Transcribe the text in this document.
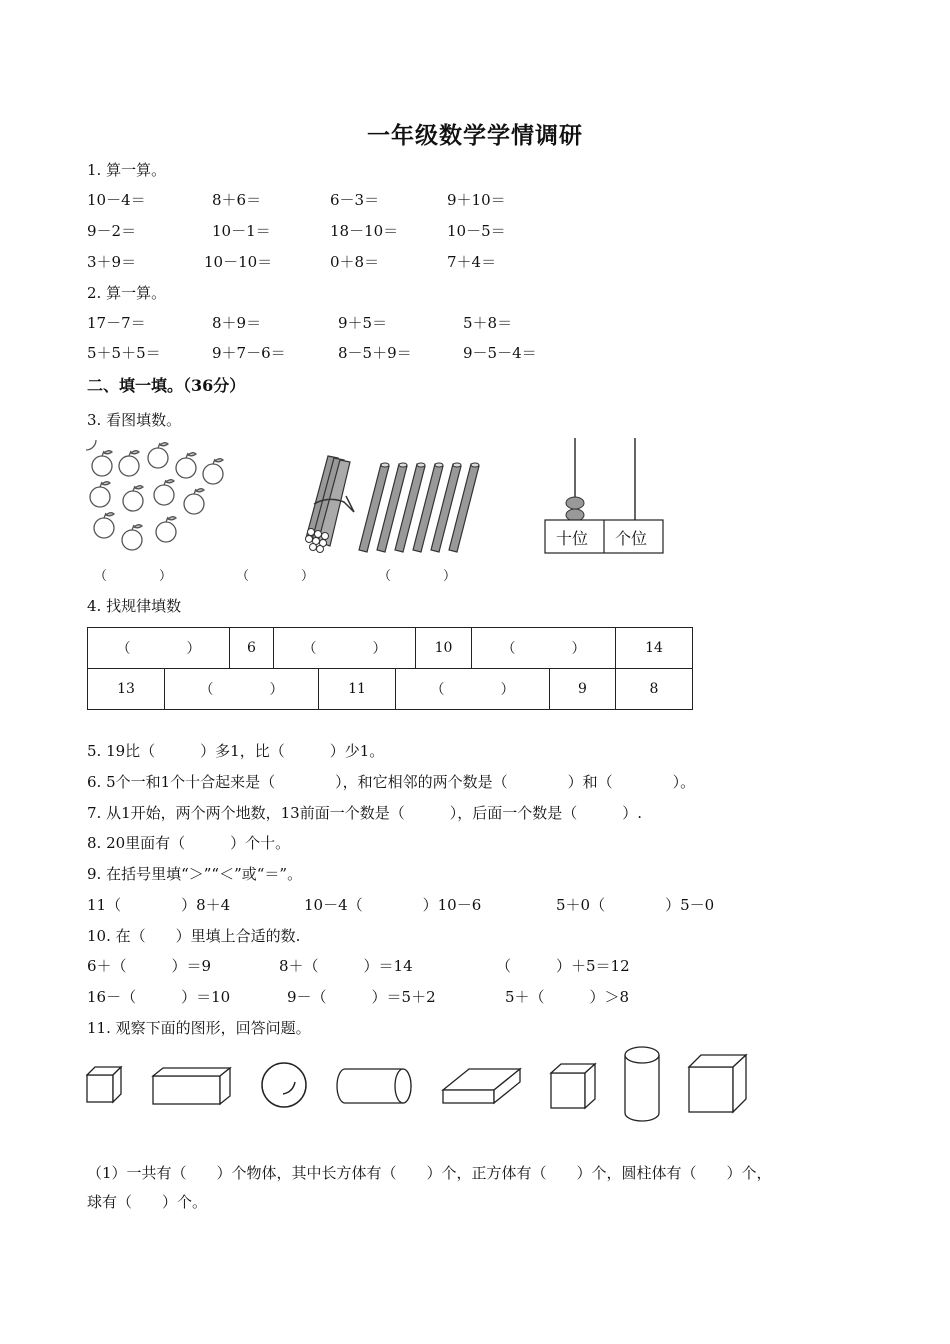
一年级数学学情调研
1. 算一算。
10－4＝	8＋6＝	6－3＝	9＋10＝
9－2＝	10－1＝	18－10＝	10－5＝
3＋9＝	10－10＝	0＋8＝	7＋4＝
2. 算一算。
17－7＝	8＋9＝	9＋5＝	5＋8＝
5＋5＋5＝	9＋7－6＝	8－5＋9＝	9－5－4＝
二、填一填。（36分）
3. 看图填数。
十位 个位
（　　　　）	（　　　　）	（　　　　）
4. 找规律填数
（　　　　）	6	（　　　　）	10	（　　　　）	14
13	（　　　　）	11	（　　　　）	9	8
5. 19比（　　　）多1，比（　　　）少1。
6. 5个一和1个十合起来是（　　　　），和它相邻的两个数是（　　　　）和（　　　　）。
7. 从1开始，两个两个地数，13前面一个数是（　　　），后面一个数是（　　　）.
8. 20里面有（　　　）个十。
9. 在括号里填“＞”“＜”或“＝”。
11（　　　　）8＋4	10－4（　　　　）10－6	5＋0（　　　　）5－0
10. 在（　　）里填上合适的数.
6＋（　　　）＝9	8＋（　　　）＝14	（　　　）＋5＝12
16－（　　　）＝10	9－（　　　）＝5＋2	5＋（　　　）＞8
11. 观察下面的图形，回答问题。
（1）一共有（　　）个物体，其中长方体有（　　）个，正方体有（　　）个，圆柱体有（　　）个，
球有（　　）个。
